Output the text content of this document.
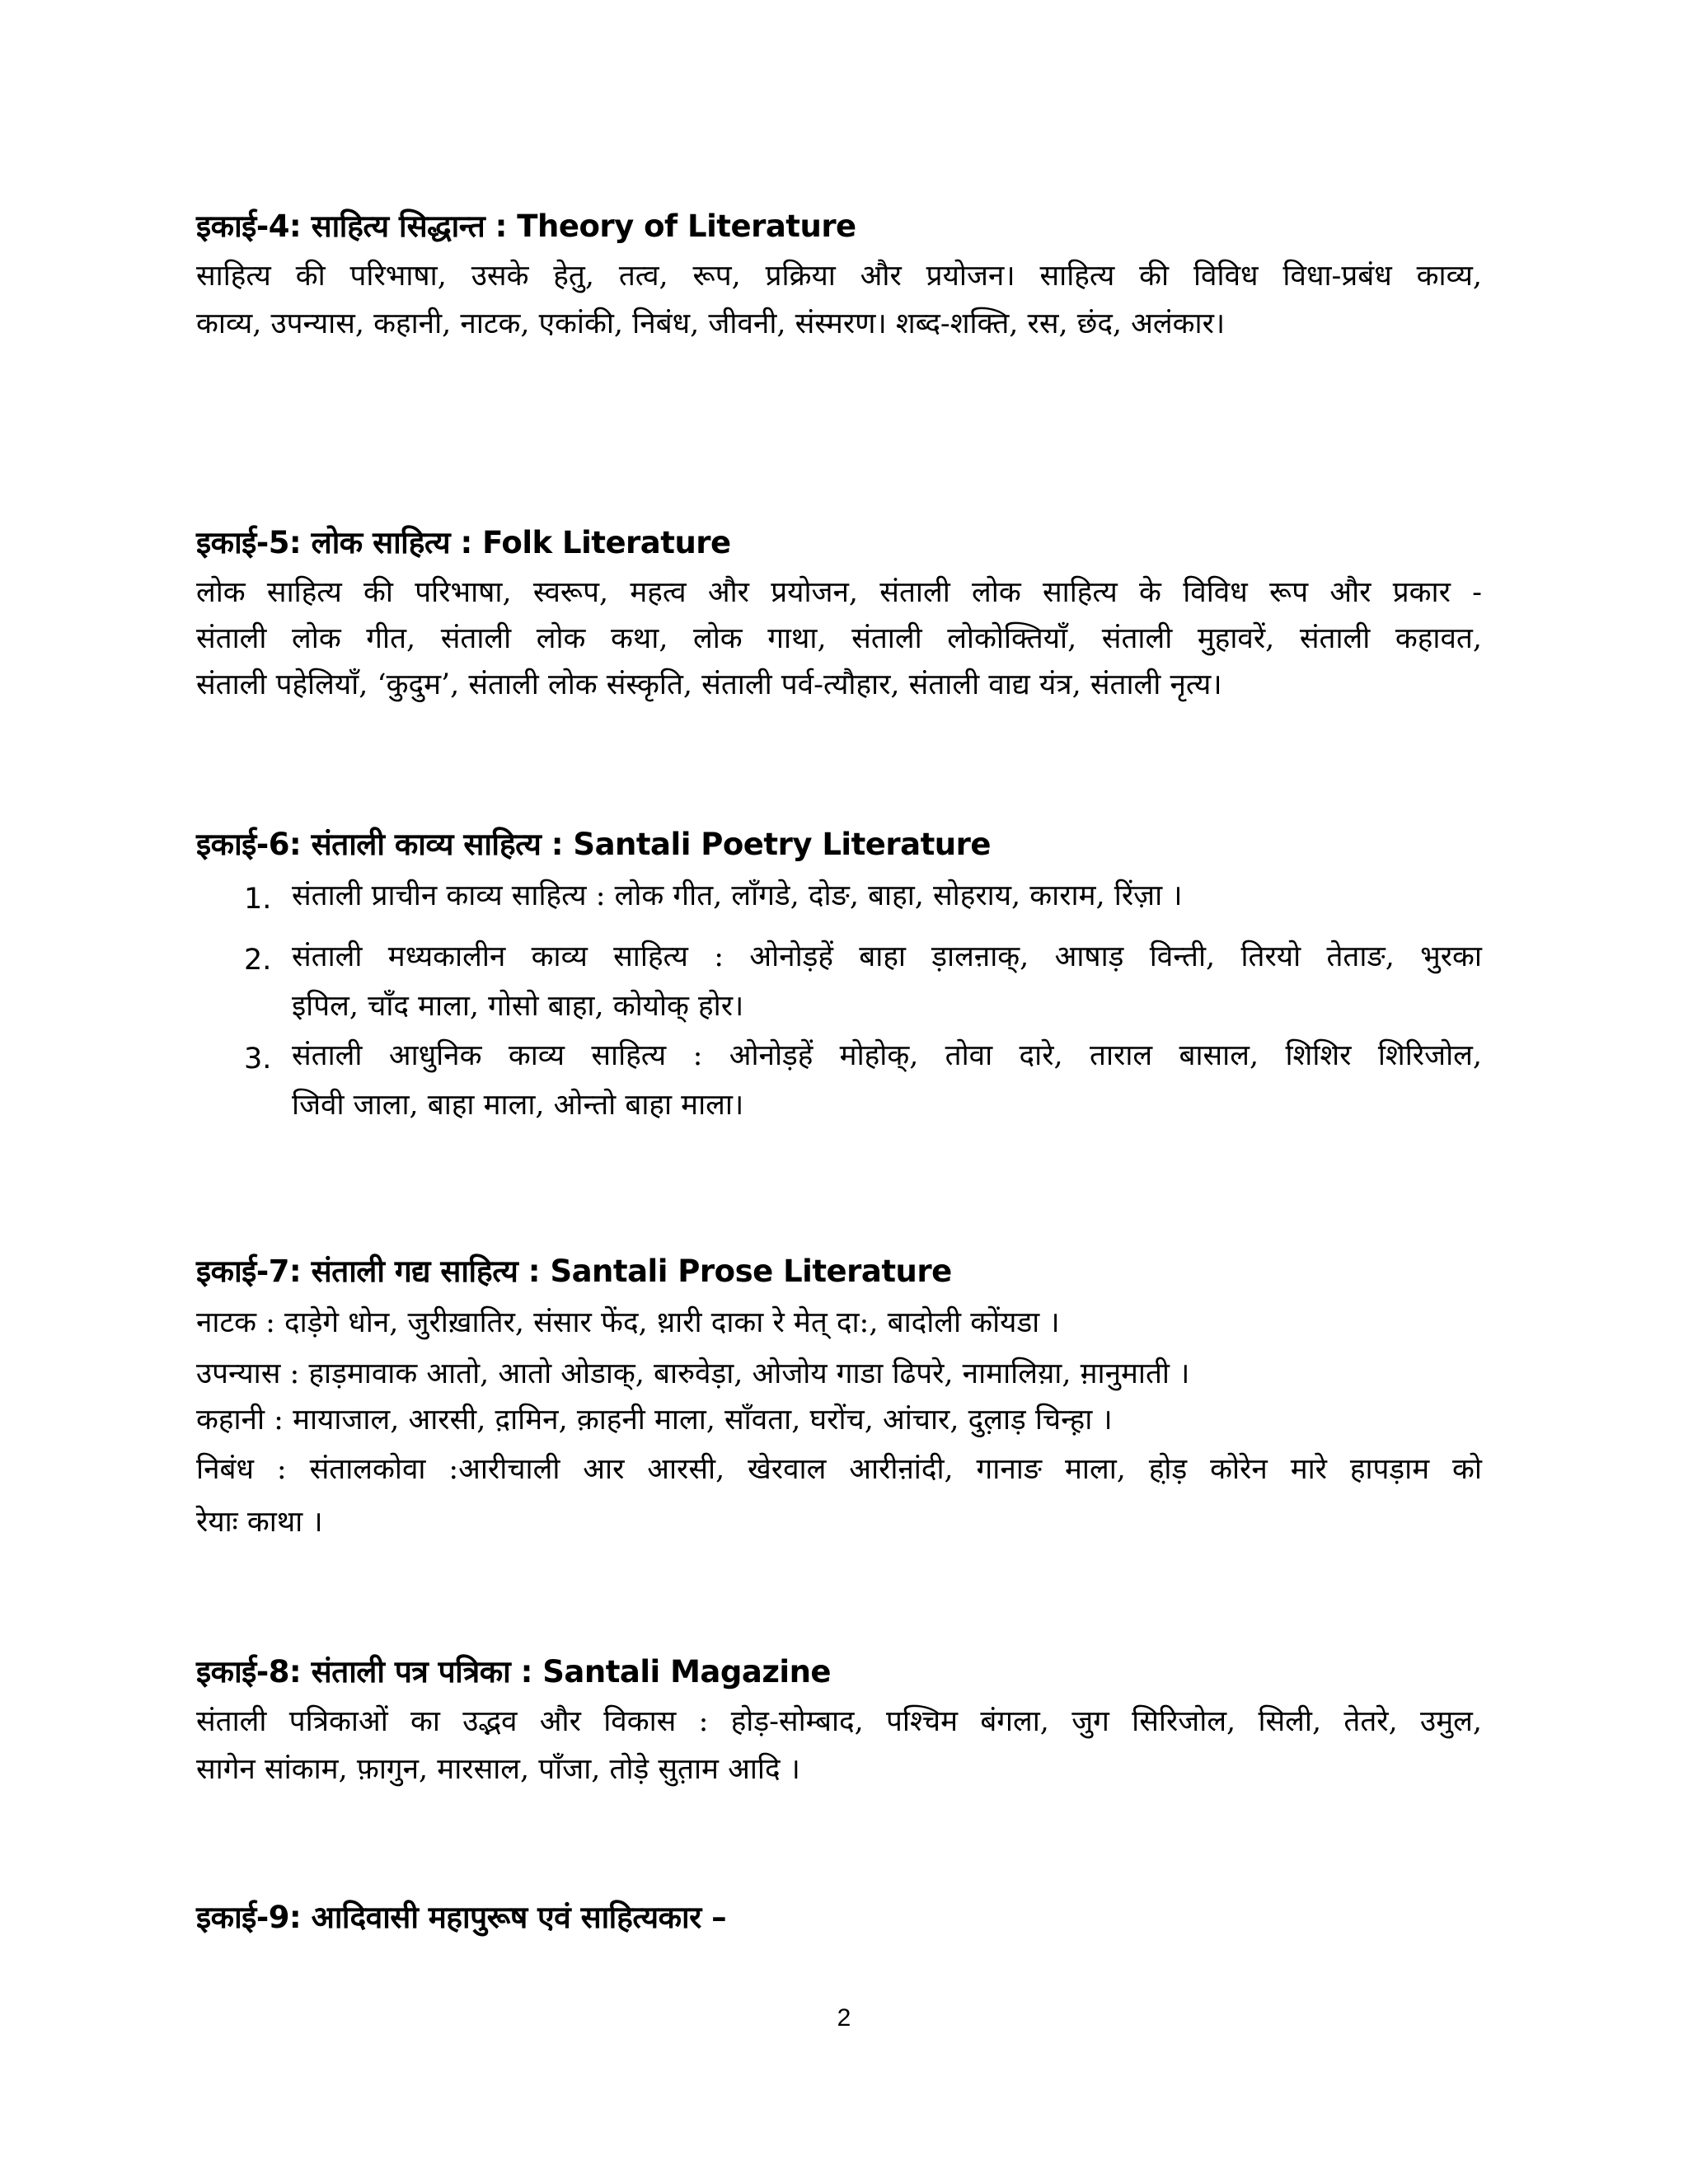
इकाई-4: साहित्य सिद्धान्त : Theory of Literature
साहित्य की परिभाषा, उसके हेतु, तत्व, रूप, प्रक्रिया और प्रयोजन। साहित्य की विविध विधा-प्रबंध काव्य,
काव्य, उपन्यास, कहानी, नाटक, एकांकी, निबंध, जीवनी, संस्मरण। शब्द-शक्ति, रस, छंद, अलंकार।
इकाई-5: लोक साहित्य : Folk Literature
लोक साहित्य की परिभाषा, स्वरूप, महत्व और प्रयोजन, संताली लोक साहित्य के विविध रूप और प्रकार -
संताली लोक गीत, संताली लोक कथा, लोक गाथा, संताली लोकोक्तियाँ, संताली मुहावरें, संताली कहावत,
संताली पहेलियाँ, ‘कुदुम’, संताली लोक संस्कृति, संताली पर्व-त्यौहार, संताली वाद्य यंत्र, संताली नृत्य।
इकाई-6: संताली काव्य साहित्य : Santali Poetry Literature
1. संताली प्राचीन काव्य साहित्य : लोक गीत, लाँगडे, दोङ, बाहा, सोहराय, काराम, रिंज़ा ।
2. संताली मध्यकालीन काव्य साहित्य : ओनोड़हें बाहा ड़ालऩाक्, आषाड़ विन्ती, तिरयो तेताङ, भुरका
इपिल, चाँद माला, गोसो बाहा, कोयोक् होर।
3. संताली आधुनिक काव्य साहित्य : ओनोड़हें मोहोक्, तोवा दारे, ताराल बासाल, शिशिर शिरिजोल,
जिवी जाला, बाहा माला, ओन्तो बाहा माला।
इकाई-7: संताली गद्य साहित्य : Santali Prose Literature
नाटक : दाड़ेगे धोन, जुरीख़ातिर, संसार फेंद, थ़ारी दाका रे मेत् दा:, बादोली कोंयडा ।
उपन्यास : हाड़मावाक आतो, आतो ओडाक्, बारुवेड़ा, ओजोय गाडा ढिपरे, नामालिय़ा, म़ानुमाती ।
कहानी : मायाजाल, आरसी, द़ामिन, क़ाहनी माला, साँवता, घरोंच, आंचार, दुल़ाड़ चिन्ह़ा ।
निबंध : संतालकोवा :आरीचाली आर आरसी, खेरवाल आरीऩांदी, गानाङ माला, हो़ड़ कोरेन मारे हापड़ाम को
रेयाः काथा ।
इकाई-8: संताली पत्र पत्रिका : Santali Magazine
संताली पत्रिकाओं का उद्भव और विकास : होड़-सोम्बाद, पश्चिम बंगला, जुग सिरिजोल, सिली, तेतरे, उमुल,
सागेन सांकाम, फ़ागुन, मारसाल, पाँजा, तोड़े सुत़ाम आदि ।
इकाई-9: आदिवासी महापुरूष एवं साहित्यकार –
2
